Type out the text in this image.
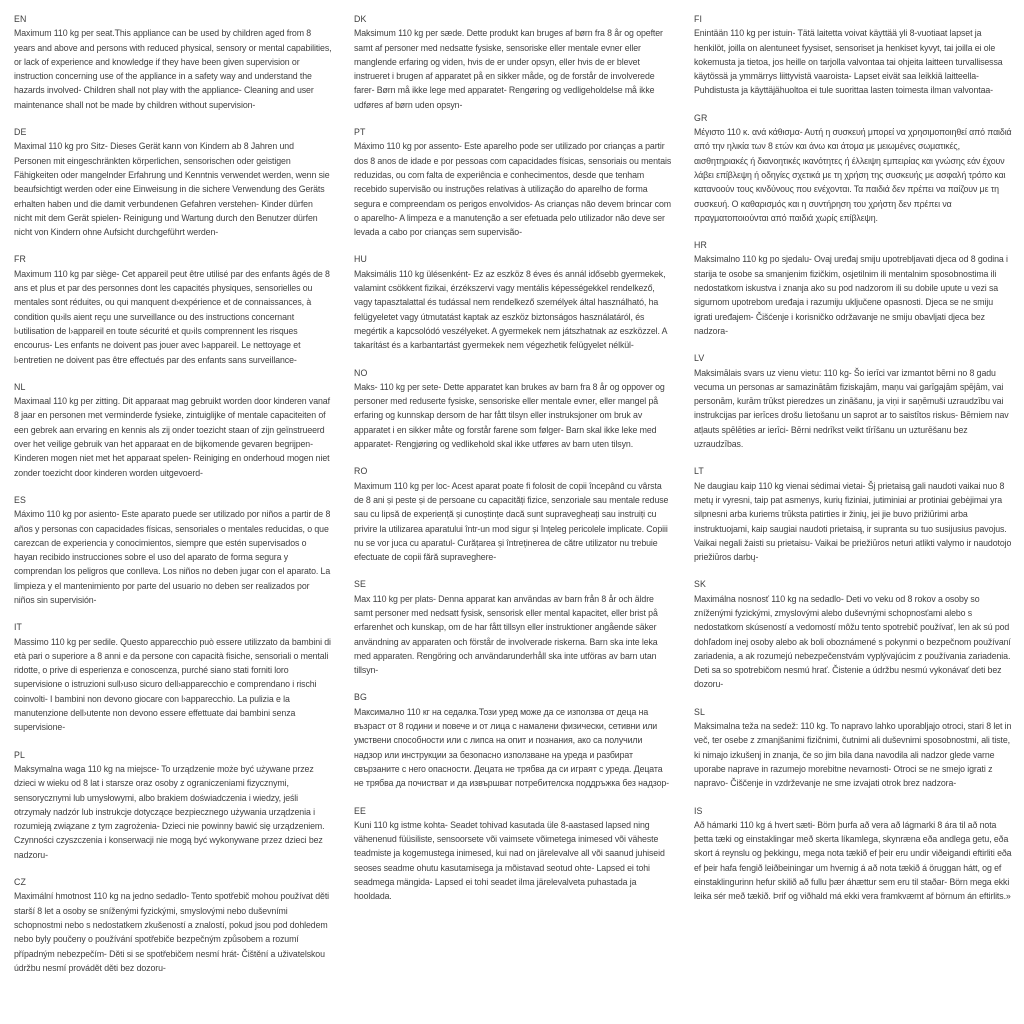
EN
Maximum 110 kg per seat.This appliance can be used by children aged from 8 years and above and persons with reduced physical, sensory or mental capabilities, or lack of experience and knowledge if they have been given supervision or instruction concerning use of the appliance in a safety way and understand the hazards involved- Children shall not play with the appliance- Cleaning and user maintenance shall not be made by children without supervision-
DE
Maximal 110 kg pro Sitz- Dieses Gerät kann von Kindern ab 8 Jahren und Personen mit eingeschränkten körperlichen, sensorischen oder geistigen Fähigkeiten oder mangelnder Erfahrung und Kenntnis verwendet werden, wenn sie beaufsichtigt werden oder eine Einweisung in die sichere Verwendung des Geräts erhalten haben und die damit verbundenen Gefahren verstehen- Kinder dürfen nicht mit dem Gerät spielen- Reinigung und Wartung durch den Benutzer dürfen nicht von Kindern ohne Aufsicht durchgeführt werden-
FR
Maximum 110 kg par siège- Cet appareil peut être utilisé par des enfants âgés de 8 ans et plus et par des personnes dont les capacités physiques, sensorielles ou mentales sont réduites, ou qui manquent d›expérience et de connaissances, à condition qu›ils aient reçu une surveillance ou des instructions concernant l›utilisation de l›appareil en toute sécurité et qu›ils comprennent les risques encourus- Les enfants ne doivent pas jouer avec l›appareil. Le nettoyage et l›entretien ne doivent pas être effectués par des enfants sans surveillance-
NL
Maximaal 110 kg per zitting. Dit apparaat mag gebruikt worden door kinderen vanaf 8 jaar en personen met verminderde fysieke, zintuiglijke of mentale capaciteiten of een gebrek aan ervaring en kennis als zij onder toezicht staan of zijn geïnstrueerd over het veilige gebruik van het apparaat en de bijkomende gevaren begrijpen- Kinderen mogen niet met het apparaat spelen- Reiniging en onderhoud mogen niet zonder toezicht door kinderen worden uitgevoerd-
ES
Máximo 110 kg por asiento- Este aparato puede ser utilizado por niños a partir de 8 años y personas con capacidades físicas, sensoriales o mentales reducidas, o que carezcan de experiencia y conocimientos, siempre que estén supervisados o hayan recibido instrucciones sobre el uso del aparato de forma segura y comprendan los peligros que conlleva. Los niños no deben jugar con el aparato. La limpieza y el mantenimiento por parte del usuario no deben ser realizados por niños sin supervisión-
IT
Massimo 110 kg per sedile. Questo apparecchio può essere utilizzato da bambini di età pari o superiore a 8 anni e da persone con capacità fisiche, sensoriali o mentali ridotte, o prive di esperienza e conoscenza, purché siano stati forniti loro supervisione o istruzioni sull›uso sicuro dell›apparecchio e comprendano i rischi coinvolti- I bambini non devono giocare con l›apparecchio. La pulizia e la manutenzione dell›utente non devono essere effettuate dai bambini senza supervisione-
PL
Maksymalna waga 110 kg na miejsce- To urządzenie może być używane przez dzieci w wieku od 8 lat i starsze oraz osoby z ograniczeniami fizycznymi, sensorycznymi lub umysłowymi, albo brakiem doświadczenia i wiedzy, jeśli otrzymały nadzór lub instrukcje dotyczące bezpiecznego używania urządzenia i rozumieją związane z tym zagrożenia- Dzieci nie powinny bawić się urządzeniem. Czynności czyszczenia i konserwacji nie mogą być wykonywane przez dzieci bez nadzoru-
CZ
Maximální hmotnost 110 kg na jedno sedadlo- Tento spotřebič mohou používat děti starší 8 let a osoby se sníženými fyzickými, smyslovými nebo duševními schopnostmi nebo s nedostatkem zkušeností a znalostí, pokud jsou pod dohledem nebo byly poučeny o používání spotřebiče bezpečným způsobem a rozumí případným nebezpečím- Děti si se spotřebičem nesmí hrát- Čištění a uživatelskou údržbu nesmí provádět děti bez dozoru-
DK
Maksimum 110 kg per sæde. Dette produkt kan bruges af børn fra 8 år og opefter samt af personer med nedsatte fysiske, sensoriske eller mentale evner eller manglende erfaring og viden, hvis de er under opsyn, eller hvis de er blevet instrueret i brugen af apparatet på en sikker måde, og de forstår de involverede farer- Børn må ikke lege med apparatet- Rengøring og vedligeholdelse må ikke udføres af børn uden opsyn-
PT
Máximo 110 kg por assento- Este aparelho pode ser utilizado por crianças a partir dos 8 anos de idade e por pessoas com capacidades físicas, sensoriais ou mentais reduzidas, ou com falta de experiência e conhecimentos, desde que tenham recebido supervisão ou instruções relativas à utilização do aparelho de forma segura e compreendam os perigos envolvidos- As crianças não devem brincar com o aparelho- A limpeza e a manutenção a ser efetuada pelo utilizador não deve ser levada a cabo por crianças sem supervisão-
HU
Maksimális 110 kg ülésenként- Ez az eszköz 8 éves és annál idősebb gyermekek, valamint csökkent fizikai, érzékszervi vagy mentális képességekkel rendelkező, vagy tapasztalattal és tudással nem rendelkező személyek által használható, ha felügyeletet vagy útmutatást kaptak az eszköz biztonságos használatáról, és megértik a kapcsolódó veszélyeket. A gyermekek nem játszhatnak az eszközzel. A takarítást és a karbantartást gyermekek nem végezhetik felügyelet nélkül-
NO
Maks- 110 kg per sete- Dette apparatet kan brukes av barn fra 8 år og oppover og personer med reduserte fysiske, sensoriske eller mentale evner, eller mangel på erfaring og kunnskap dersom de har fått tilsyn eller instruksjoner om bruk av apparatet i en sikker måte og forstår farene som følger- Barn skal ikke leke med apparatet- Rengjøring og vedlikehold skal ikke utføres av barn uten tilsyn.
RO
Maximum 110 kg per loc- Acest aparat poate fi folosit de copii începând cu vârsta de 8 ani și peste și de persoane cu capacități fizice, senzoriale sau mentale reduse sau cu lipsă de experiență și cunoștințe dacă sunt supravegheați sau instruiți cu privire la utilizarea aparatului într-un mod sigur și înțeleg pericolele implicate. Copiii nu se vor juca cu aparatul- Curățarea și întreținerea de către utilizator nu trebuie efectuate de copii fără supraveghere-
SE
Max 110 kg per plats- Denna apparat kan användas av barn från 8 år och äldre samt personer med nedsatt fysisk, sensorisk eller mental kapacitet, eller brist på erfarenhet och kunskap, om de har fått tillsyn eller instruktioner angående säker användning av apparaten och förstår de involverade riskerna. Barn ska inte leka med apparaten. Rengöring och användarunderhåll ska inte utföras av barn utan tillsyn-
BG
Максимално 110 кг на седалка.Този уред може да се използва от деца на възраст от 8 години и повече и от лица с намалени физически, сетивни или умствени способности или с липса на опит и познания, ако са получили надзор или инструкции за безопасно използване на уреда и разбират свързаните с него опасности. Децата не трябва да си играят с уреда. Децата не трябва да почистват и да извършват потребителска поддръжка без надзор-
EE
Kuni 110 kg istme kohta- Seadet tohivad kasutada üle 8-aastased lapsed ning vähenenud füüsiliste, sensoorsete või vaimsete võimetega inimesed või väheste teadmiste ja kogemustega inimesed, kui nad on järelevalve all või saanud juhiseid seoses seadme ohutu kasutamisega ja mõistavad seotud ohte- Lapsed ei tohi seadmega mängida- Lapsed ei tohi seadet ilma järelevalveta puhastada ja hooldada.
FI
Enintään 110 kg per istuin- Tätä laitetta voivat käyttää yli 8-vuotiaat lapset ja henkilöt, joilla on alentuneet fyysiset, sensoriset ja henkiset kyvyt, tai joilla ei ole kokemusta ja tietoa, jos heille on tarjolla valvontaa tai ohjeita laitteen turvallisessa käytössä ja ymmärrys liittyvistä vaaroista- Lapset eivät saa leikkiä laitteella- Puhdistusta ja käyttäjähuoltoa ei tule suorittaa lasten toimesta ilman valvontaa-
GR
Μέγιστο 110 κ. ανά κάθισμα- Αυτή η συσκευή μπορεί να χρησιμοποιηθεί από παιδιά από την ηλικία των 8 ετών και άνω και άτομα με μειωμένες σωματικές, αισθητηριακές ή διανοητικές ικανότητες ή έλλειψη εμπειρίας και γνώσης εάν έχουν λάβει επίβλεψη ή οδηγίες σχετικά με τη χρήση της συσκευής με ασφαλή τρόπο και κατανοούν τους κινδύνους που ενέχονται. Τα παιδιά δεν πρέπει να παίζουν με τη συσκευή. Ο καθαρισμός και η συντήρηση του χρήστη δεν πρέπει να πραγματοποιούνται από παιδιά χωρίς επίβλεψη.
HR
Maksimalno 110 kg po sjedalu- Ovaj uređaj smiju upotrebljavati djeca od 8 godina i starija te osobe sa smanjenim fizičkim, osjetilnim ili mentalnim sposobnostima ili nedostatkom iskustva i znanja ako su pod nadzorom ili su dobile upute u vezi sa sigurnom upotrebom uređaja i razumiju uključene opasnosti. Djeca se ne smiju igrati uređajem- Čišćenje i korisničko održavanje ne smiju obavljati djeca bez nadzora-
LV
Maksimālais svars uz vienu vietu: 110 kg- Šo ierīci var izmantot bērni no 8 gadu vecuma un personas ar samazinātām fiziskajām, maņu vai garīgajām spējām, vai personām, kurām trūkst pieredzes un zināšanu, ja viņi ir saņēmuši uzraudzību vai instrukcijas par ierīces drošu lietošanu un saprot ar to saistītos riskus- Bērniem nav atļauts spēlēties ar ierīci- Bērni nedrīkst veikt tīrīšanu un uzturēšanu bez uzraudzības.
LT
Ne daugiau kaip 110 kg vienai sėdimai vietai- Šį prietaisą gali naudoti vaikai nuo 8 metų ir vyresni, taip pat asmenys, kurių fiziniai, jutiminiai ar protiniai gebėjimai yra silpnesni arba kuriems trūksta patirties ir žinių, jei jie buvo prižiūrimi arba instruktuojami, kaip saugiai naudoti prietaisą, ir supranta su tuo susijusius pavojus. Vaikai negali žaisti su prietaisu- Vaikai be priežiūros neturi atlikti valymo ir naudotojo priežiūros darbų-
SK
Maximálna nosnosť 110 kg na sedadlo- Deti vo veku od 8 rokov a osoby so zníženými fyzickými, zmyslovými alebo duševnými schopnosťami alebo s nedostatkom skúseností a vedomostí môžu tento spotrebič používať, len ak sú pod dohľadom inej osoby alebo ak boli oboznámené s pokynmi o bezpečnom používaní zariadenia, a ak rozumejú nebezpečenstvám vyplývajúcim z používania zariadenia. Deti sa so spotrebičom nesmú hrať. Čistenie a údržbu nesmú vykonávať deti bez dozoru-
SL
Maksimalna teža na sedež: 110 kg. To napravo lahko uporabljajo otroci, stari 8 let in več, ter osebe z zmanjšanimi fizičnimi, čutnimi ali duševnimi sposobnostmi, ali tiste, ki nimajo izkušenj in znanja, če so jim bila dana navodila ali nadzor glede varne uporabe naprave in razumejo morebitne nevarnosti- Otroci se ne smejo igrati z napravo- Čiščenje in vzdrževanje ne sme izvajati otrok brez nadzora-
IS
Að hámarki 110 kg á hvert sæti- Börn þurfa að vera að lágmarki 8 ára til að nota þetta tæki og einstaklingar með skerta líkamlega, skynræna eða andlega getu, eða skort á reynslu og þekkingu, mega nota tækið ef þeir eru undir viðeigandi eftirliti eða ef þeir hafa fengið leiðbeiningar um hvernig á að nota tækið á öruggan hátt, og ef einstaklingurinn hefur skilið að fullu þær áhættur sem eru til staðar- Börn mega ekki leika sér með tækið. Þrif og viðhald má ekki vera framkvæmt af börnum án eftirlits.»
